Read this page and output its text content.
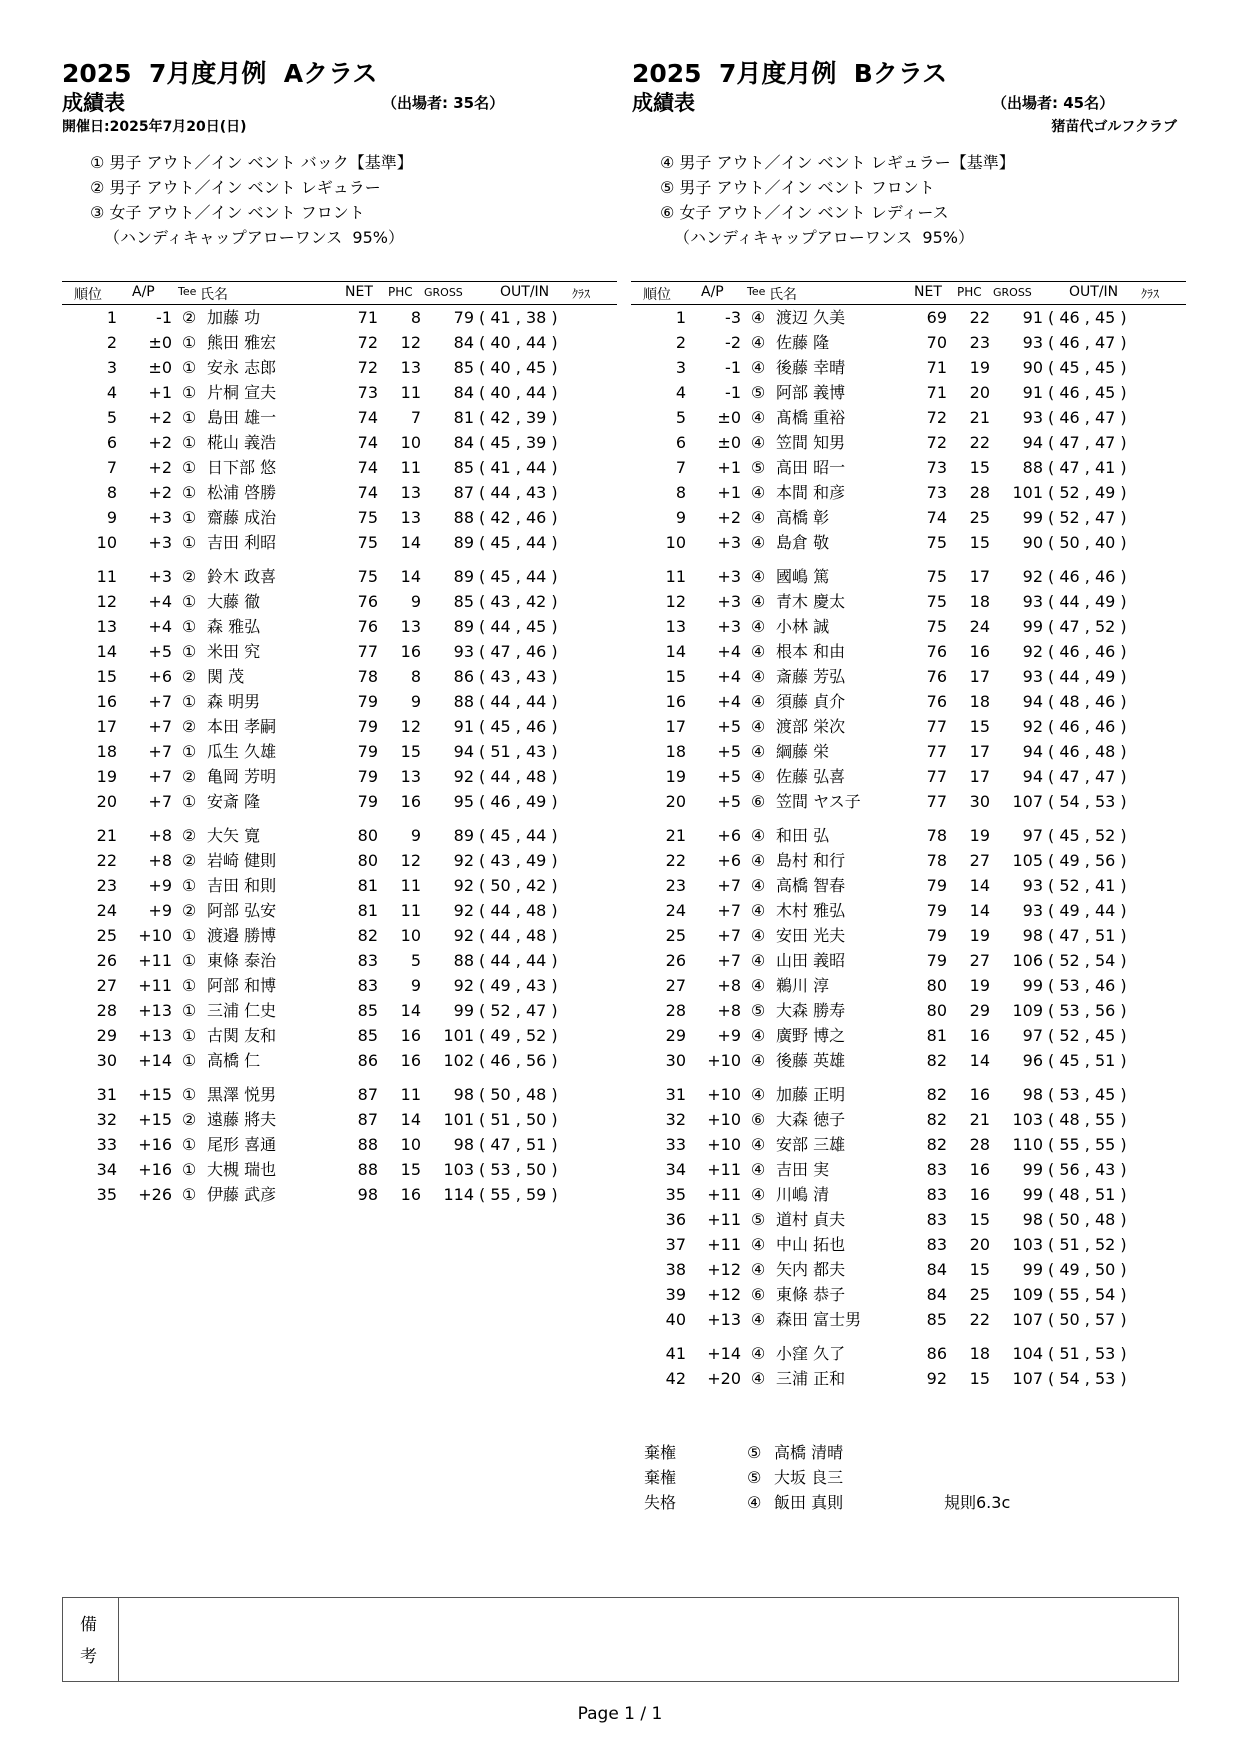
2025  7月度月例  Aクラス
成績表	（出場者: 35名）
開催日:2025年7月20日(日)
① 男子 アウト／イン ベント バック【基準】
② 男子 アウト／イン ベント レギュラー
③ 女子 アウト／イン ベント フロント
（ハンディキャップアローワンス  95%）
2025  7月度月例  Bクラス
成績表	（出場者: 45名）
猪苗代ゴルフクラブ
④ 男子 アウト／イン ベント レギュラー【基準】
⑤ 男子 アウト／イン ベント フロント
⑥ 女子 アウト／イン ベント レディース
（ハンディキャップアローワンス  95%）
順位 A/P Tee 氏名	NET PHC GROSS	OUT/IN ｸﾗｽ
1	-1 ② 加藤 功	71	8	79 ( 41 , 38 )
2	±0 ① 熊田 雅宏	72	12	84 ( 40 , 44 )
3	±0 ① 安永 志郎	72	13	85 ( 40 , 45 )
4	+1 ① 片桐 宣夫	73	11	84 ( 40 , 44 )
5	+2 ① 島田 雄一	74	7	81 ( 42 , 39 )
6	+2 ① 椛山 義浩	74	10	84 ( 45 , 39 )
7	+2 ① 日下部 悠	74	11	85 ( 41 , 44 )
8	+2 ① 松浦 啓勝	74	13	87 ( 44 , 43 )
9	+3 ① 齋藤 成治	75	13	88 ( 42 , 46 )
10	+3 ① 吉田 利昭	75	14	89 ( 45 , 44 )
11	+3 ② 鈴木 政喜	75	14	89 ( 45 , 44 )
12	+4 ① 大藤 徹	76	9	85 ( 43 , 42 )
13	+4 ① 森 雅弘	76	13	89 ( 44 , 45 )
14	+5 ① 米田 究	77	16	93 ( 47 , 46 )
15	+6 ② 関 茂	78	8	86 ( 43 , 43 )
16	+7 ① 森 明男	79	9	88 ( 44 , 44 )
17	+7 ② 本田 孝嗣	79	12	91 ( 45 , 46 )
18	+7 ① 瓜生 久雄	79	15	94 ( 51 , 43 )
19	+7 ② 亀岡 芳明	79	13	92 ( 44 , 48 )
20	+7 ① 安斎 隆	79	16	95 ( 46 , 49 )
21	+8 ② 大矢 寛	80	9	89 ( 45 , 44 )
22	+8 ② 岩崎 健則	80	12	92 ( 43 , 49 )
23	+9 ① 吉田 和則	81	11	92 ( 50 , 42 )
24	+9 ② 阿部 弘安	81	11	92 ( 44 , 48 )
25	+10 ① 渡邉 勝博	82	10	92 ( 44 , 48 )
26	+11 ① 東條 泰治	83	5	88 ( 44 , 44 )
27	+11 ① 阿部 和博	83	9	92 ( 49 , 43 )
28	+13 ① 三浦 仁史	85	14	99 ( 52 , 47 )
29	+13 ① 古関 友和	85	16	101 ( 49 , 52 )
30	+14 ① 高橋 仁	86	16	102 ( 46 , 56 )
31	+15 ① 黒澤 悦男	87	11	98 ( 50 , 48 )
32	+15 ② 遠藤 將夫	87	14	101 ( 51 , 50 )
33	+16 ① 尾形 喜通	88	10	98 ( 47 , 51 )
34	+16 ① 大槻 瑞也	88	15	103 ( 53 , 50 )
35	+26 ① 伊藤 武彦	98	16	114 ( 55 , 59 )
順位 A/P Tee 氏名	NET PHC GROSS	OUT/IN ｸﾗｽ
1	-3 ④ 渡辺 久美	69	22	91 ( 46 , 45 )
2	-2 ④ 佐藤 隆	70	23	93 ( 46 , 47 )
3	-1 ④ 後藤 幸晴	71	19	90 ( 45 , 45 )
4	-1 ⑤ 阿部 義博	71	20	91 ( 46 , 45 )
5	±0 ④ 髙橋 重裕	72	21	93 ( 46 , 47 )
6	±0 ④ 笠間 知男	72	22	94 ( 47 , 47 )
7	+1 ⑤ 高田 昭一	73	15	88 ( 47 , 41 )
8	+1 ④ 本間 和彦	73	28	101 ( 52 , 49 )
9	+2 ④ 高橋 彰	74	25	99 ( 52 , 47 )
10	+3 ④ 島倉 敬	75	15	90 ( 50 , 40 )
11	+3 ④ 國嶋 篤	75	17	92 ( 46 , 46 )
12	+3 ④ 青木 慶太	75	18	93 ( 44 , 49 )
13	+3 ④ 小林 誠	75	24	99 ( 47 , 52 )
14	+4 ④ 根本 和由	76	16	92 ( 46 , 46 )
15	+4 ④ 斎藤 芳弘	76	17	93 ( 44 , 49 )
16	+4 ④ 須藤 貞介	76	18	94 ( 48 , 46 )
17	+5 ④ 渡部 栄次	77	15	92 ( 46 , 46 )
18	+5 ④ 綱藤 栄	77	17	94 ( 46 , 48 )
19	+5 ④ 佐藤 弘喜	77	17	94 ( 47 , 47 )
20	+5 ⑥ 笠間 ヤス子	77	30	107 ( 54 , 53 )
21	+6 ④ 和田 弘	78	19	97 ( 45 , 52 )
22	+6 ④ 島村 和行	78	27	105 ( 49 , 56 )
23	+7 ④ 高橋 智春	79	14	93 ( 52 , 41 )
24	+7 ④ 木村 雅弘	79	14	93 ( 49 , 44 )
25	+7 ④ 安田 光夫	79	19	98 ( 47 , 51 )
26	+7 ④ 山田 義昭	79	27	106 ( 52 , 54 )
27	+8 ④ 鵜川 淳	80	19	99 ( 53 , 46 )
28	+8 ⑤ 大森 勝寿	80	29	109 ( 53 , 56 )
29	+9 ④ 廣野 博之	81	16	97 ( 52 , 45 )
30	+10 ④ 後藤 英雄	82	14	96 ( 45 , 51 )
31	+10 ④ 加藤 正明	82	16	98 ( 53 , 45 )
32	+10 ⑥ 大森 徳子	82	21	103 ( 48 , 55 )
33	+10 ④ 安部 三雄	82	28	110 ( 55 , 55 )
34	+11 ④ 吉田 実	83	16	99 ( 56 , 43 )
35	+11 ④ 川嶋 清	83	16	99 ( 48 , 51 )
36	+11 ⑤ 道村 貞夫	83	15	98 ( 50 , 48 )
37	+11 ④ 中山 拓也	83	20	103 ( 51 , 52 )
38	+12 ④ 矢内 都夫	84	15	99 ( 49 , 50 )
39	+12 ⑥ 東條 恭子	84	25	109 ( 55 , 54 )
40	+13 ④ 森田 富士男	85	22	107 ( 50 , 57 )
41	+14 ④ 小窪 久了	86	18	104 ( 51 , 53 )
42	+20 ④ 三浦 正和	92	15	107 ( 54 , 53 )
棄権	⑤ 高橋 清晴
棄権	⑤ 大坂 良三
失格	④ 飯田 真則	規則6.3c
備
考
Page 1 / 1
